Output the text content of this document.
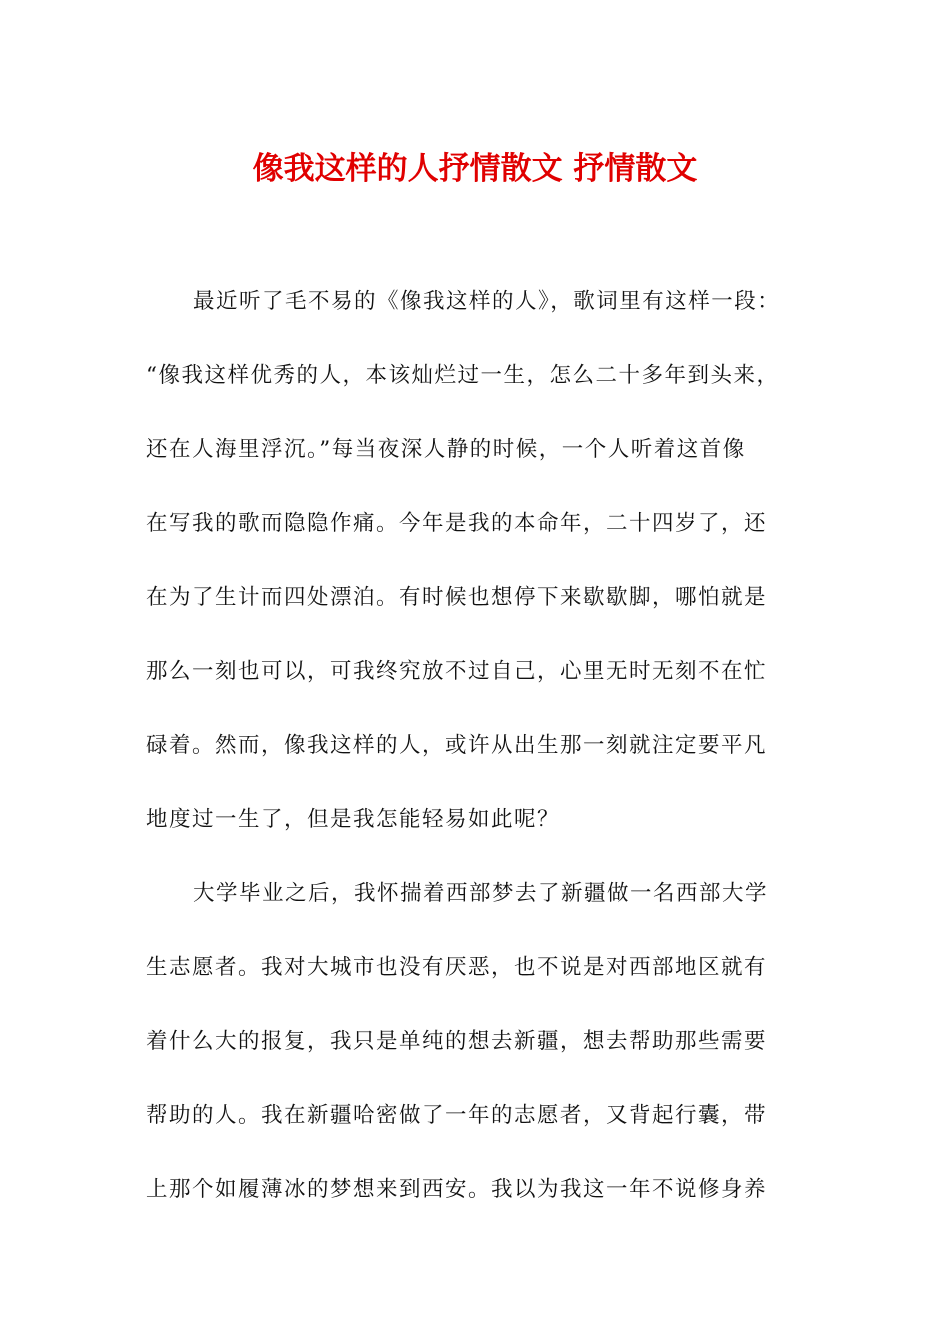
像我这样的人抒情散文 抒情散文
最近听了毛不易的《像我这样的人》，歌词里有这样一段：
“像我这样优秀的人，本该灿烂过一生，怎么二十多年到头来，
还在人海里浮沉。”每当夜深人静的时候，一个人听着这首像
在写我的歌而隐隐作痛。今年是我的本命年，二十四岁了，还
在为了生计而四处漂泊。有时候也想停下来歇歇脚，哪怕就是
那么一刻也可以，可我终究放不过自己，心里无时无刻不在忙
碌着。然而，像我这样的人，或许从出生那一刻就注定要平凡
地度过一生了，但是我怎能轻易如此呢？
大学毕业之后，我怀揣着西部梦去了新疆做一名西部大学
生志愿者。我对大城市也没有厌恶，也不说是对西部地区就有
着什么大的报复，我只是单纯的想去新疆，想去帮助那些需要
帮助的人。我在新疆哈密做了一年的志愿者，又背起行囊，带
上那个如履薄冰的梦想来到西安。我以为我这一年不说修身养
